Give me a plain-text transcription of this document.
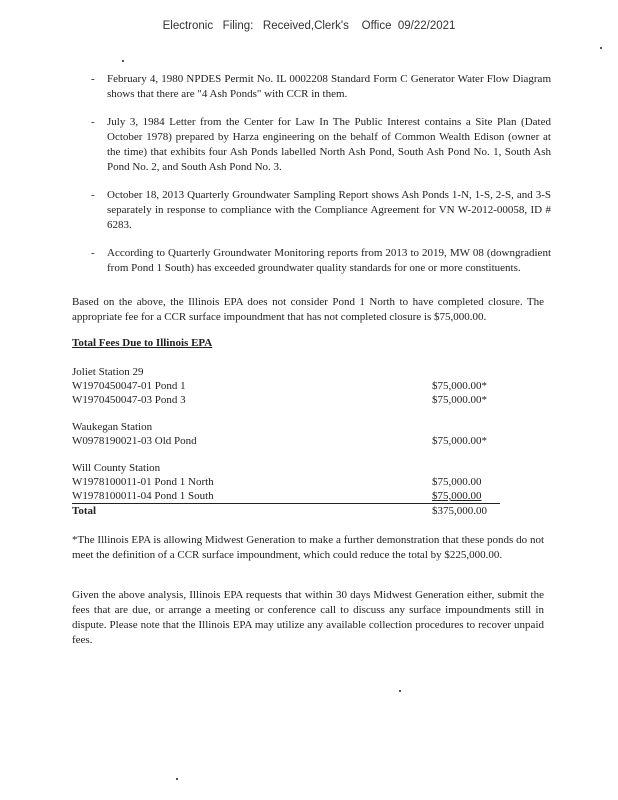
Electronic   Filing:   Received,Clerk's    Office  09/22/2021
- February 4, 1980 NPDES Permit No. IL 0002208 Standard Form C Generator Water Flow Diagram shows that there are "4 Ash Ponds" with CCR in them.
- July 3, 1984 Letter from the Center for Law In The Public Interest contains a Site Plan (Dated October 1978) prepared by Harza engineering on the behalf of Common Wealth Edison (owner at the time) that exhibits four Ash Ponds labelled North Ash Pond, South Ash Pond No. 1, South Ash Pond No. 2, and South Ash Pond No. 3.
- October 18, 2013 Quarterly Groundwater Sampling Report shows Ash Ponds 1-N, 1-S, 2-S, and 3-S separately in response to compliance with the Compliance Agreement for VN W-2012-00058, ID # 6283.
- According to Quarterly Groundwater Monitoring reports from 2013 to 2019, MW 08 (downgradient from Pond 1 South) has exceeded groundwater quality standards for one or more constituents.

Based on the above, the Illinois EPA does not consider Pond 1 North to have completed closure. The appropriate fee for a CCR surface impoundment that has not completed closure is $75,000.00.

Total Fees Due to Illinois EPA
Joliet Station 29
W1970450047-01 Pond 1	$75,000.00*
W1970450047-03 Pond 3	$75,000.00*
Waukegan Station
W0978190021-03 Old Pond	$75,000.00*
Will County Station
W1978100011-01 Pond 1 North	$75,000.00
W1978100011-04 Pond 1 South	$75,000.00
Total	$375,000.00

*The Illinois EPA is allowing Midwest Generation to make a further demonstration that these ponds do not meet the definition of a CCR surface impoundment, which could reduce the total by $225,000.00.

Given the above analysis, Illinois EPA requests that within 30 days Midwest Generation either, submit the fees that are due, or arrange a meeting or conference call to discuss any surface impoundments still in dispute. Please note that the Illinois EPA may utilize any available collection procedures to recover unpaid fees.
